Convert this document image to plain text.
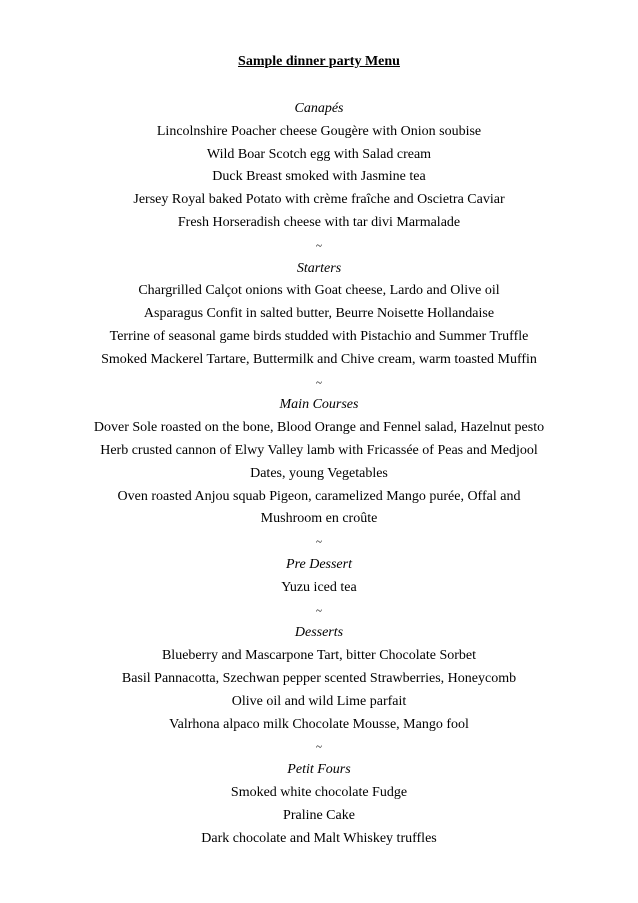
Sample dinner party Menu
Canapés
Lincolnshire Poacher cheese Gougère with Onion soubise
Wild Boar Scotch egg with Salad cream
Duck Breast smoked with Jasmine tea
Jersey Royal baked Potato with crème fraîche and Oscietra Caviar
Fresh Horseradish cheese with tar divi Marmalade
~
Starters
Chargrilled Calçot onions with Goat cheese, Lardo and Olive oil
Asparagus Confit in salted butter, Beurre Noisette Hollandaise
Terrine of seasonal game birds studded with Pistachio and Summer Truffle
Smoked Mackerel Tartare, Buttermilk and Chive cream, warm toasted Muffin
~
Main Courses
Dover Sole roasted on the bone, Blood Orange and Fennel salad, Hazelnut pesto
Herb crusted cannon of Elwy Valley lamb with Fricassée of Peas and Medjool
Dates, young Vegetables
Oven roasted Anjou squab Pigeon, caramelized Mango purée, Offal and
Mushroom en croûte
~
Pre Dessert
Yuzu iced tea
~
Desserts
Blueberry and Mascarpone Tart, bitter Chocolate Sorbet
Basil Pannacotta, Szechwan pepper scented Strawberries, Honeycomb
Olive oil and wild Lime parfait
Valrhona alpaco milk Chocolate Mousse, Mango fool
~
Petit Fours
Smoked white chocolate Fudge
Praline Cake
Dark chocolate and Malt Whiskey truffles
